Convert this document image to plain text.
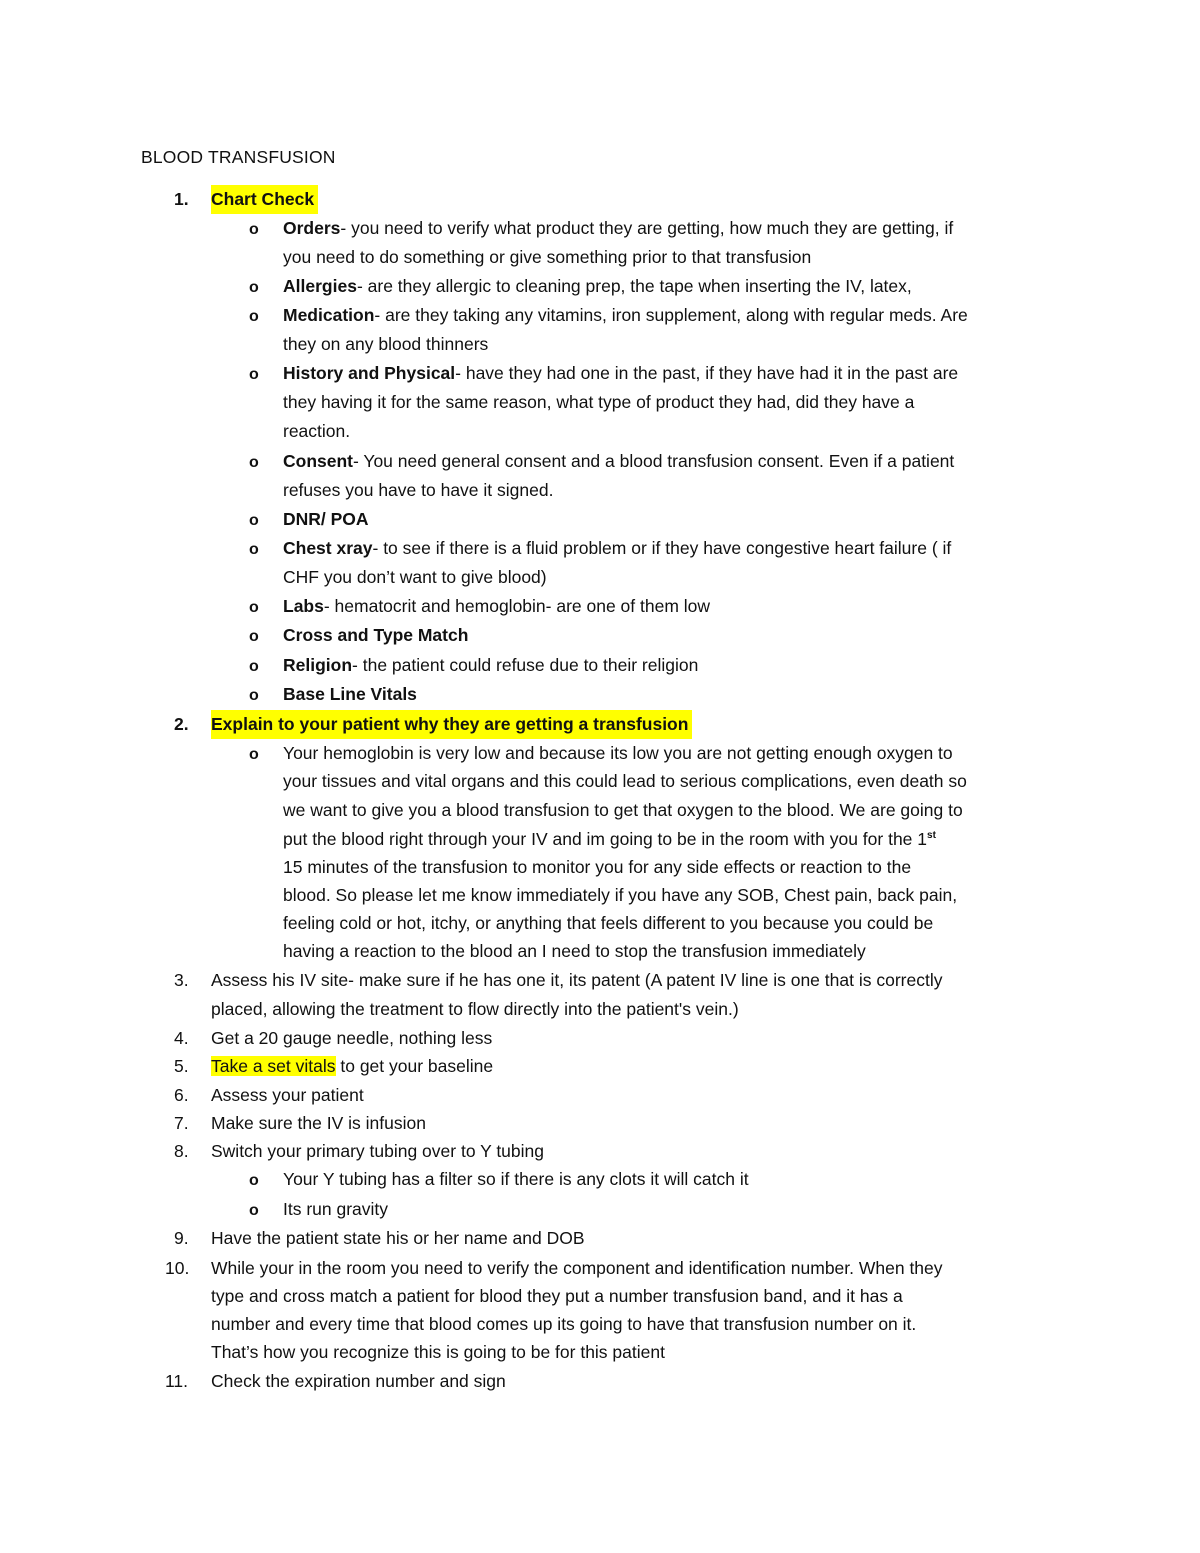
BLOOD TRANSFUSION
1. Chart Check
o Orders- you need to verify what product they are getting, how much they are getting, if
you need to do something or give something prior to that transfusion
o Allergies- are they allergic to cleaning prep, the tape when inserting the IV, latex,
o Medication- are they taking any vitamins, iron supplement, along with regular meds. Are
they on any blood thinners
o History and Physical- have they had one in the past, if they have had it in the past are
they having it for the same reason, what type of product they had, did they have a
reaction.
o Consent- You need general consent and a blood transfusion consent. Even if a patient
refuses you have to have it signed.
o DNR/ POA
o Chest xray- to see if there is a fluid problem or if they have congestive heart failure ( if
CHF you don’t want to give blood)
o Labs- hematocrit and hemoglobin- are one of them low
o Cross and Type Match
o Religion- the patient could refuse due to their religion
o Base Line Vitals
2. Explain to your patient why they are getting a transfusion
o Your hemoglobin is very low and because its low you are not getting enough oxygen to
your tissues and vital organs and this could lead to serious complications, even death so
we want to give you a blood transfusion to get that oxygen to the blood. We are going to
put the blood right through your IV and im going to be in the room with you for the 1st
15 minutes of the transfusion to monitor you for any side effects or reaction to the
blood. So please let me know immediately if you have any SOB, Chest pain, back pain,
feeling cold or hot, itchy, or anything that feels different to you because you could be
having a reaction to the blood an I need to stop the transfusion immediately
3. Assess his IV site- make sure if he has one it, its patent (A patent IV line is one that is correctly
placed, allowing the treatment to flow directly into the patient's vein.)
4. Get a 20 gauge needle, nothing less
5. Take a set vitals to get your baseline
6. Assess your patient
7. Make sure the IV is infusion
8. Switch your primary tubing over to Y tubing
o Your Y tubing has a filter so if there is any clots it will catch it
o Its run gravity
9. Have the patient state his or her name and DOB
10. While your in the room you need to verify the component and identification number. When they
type and cross match a patient for blood they put a number transfusion band, and it has a
number and every time that blood comes up its going to have that transfusion number on it.
That’s how you recognize this is going to be for this patient
11. Check the expiration number and sign
